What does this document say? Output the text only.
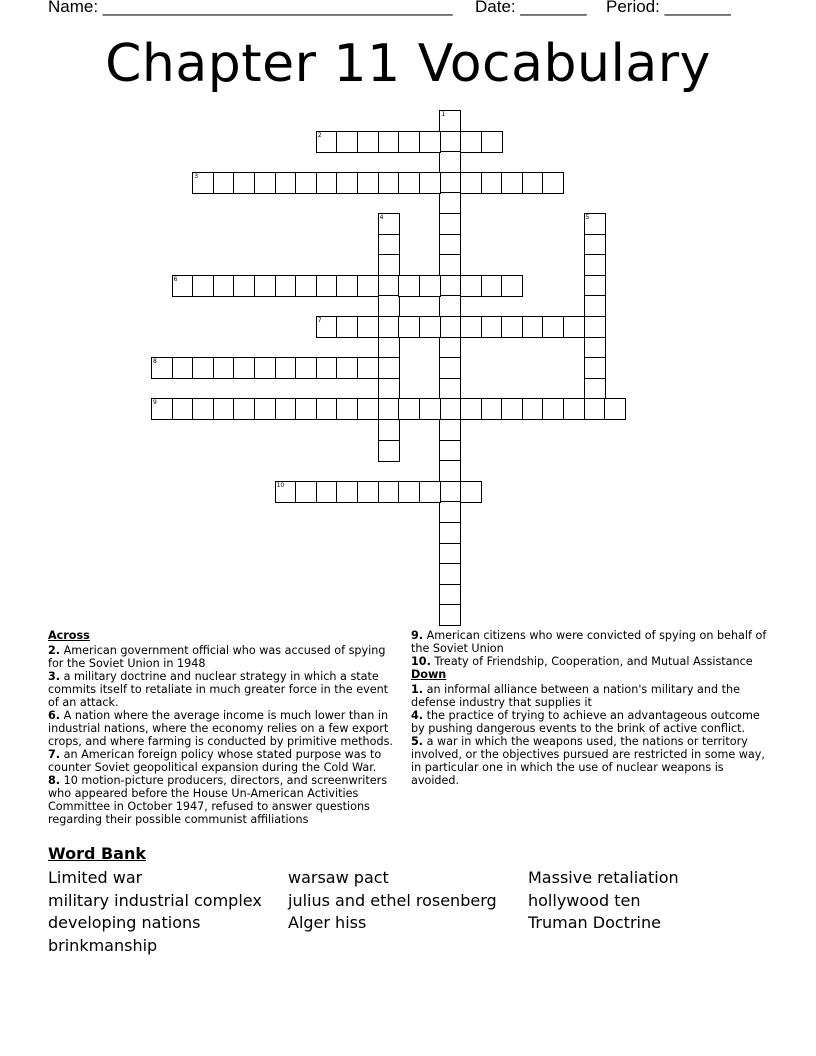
Name: _____________________________________ Date: _______ Period: _______
Chapter 11 Vocabulary
1
2
3
4	5
6
7
8
9
10
Across
2. American government official who was accused of spying for the Soviet Union in 1948
3. a military doctrine and nuclear strategy in which a state commits itself to retaliate in much greater force in the event of an attack.
6. A nation where the average income is much lower than in industrial nations, where the economy relies on a few export crops, and where farming is conducted by primitive methods.
7. an American foreign policy whose stated purpose was to counter Soviet geopolitical expansion during the Cold War.
8. 10 motion-picture producers, directors, and screenwriters who appeared before the House Un-American Activities Committee in October 1947, refused to answer questions regarding their possible communist affiliations
9. American citizens who were convicted of spying on behalf of the Soviet Union
10. Treaty of Friendship, Cooperation, and Mutual Assistance
Down
1. an informal alliance between a nation's military and the defense industry that supplies it
4. the practice of trying to achieve an advantageous outcome by pushing dangerous events to the brink of active conflict.
5. a war in which the weapons used, the nations or territory involved, or the objectives pursued are restricted in some way, in particular one in which the use of nuclear weapons is avoided.
Word Bank
Limited war
military industrial complex
developing nations
brinkmanship
warsaw pact
julius and ethel rosenberg
Alger hiss
Massive retaliation
hollywood ten
Truman Doctrine
